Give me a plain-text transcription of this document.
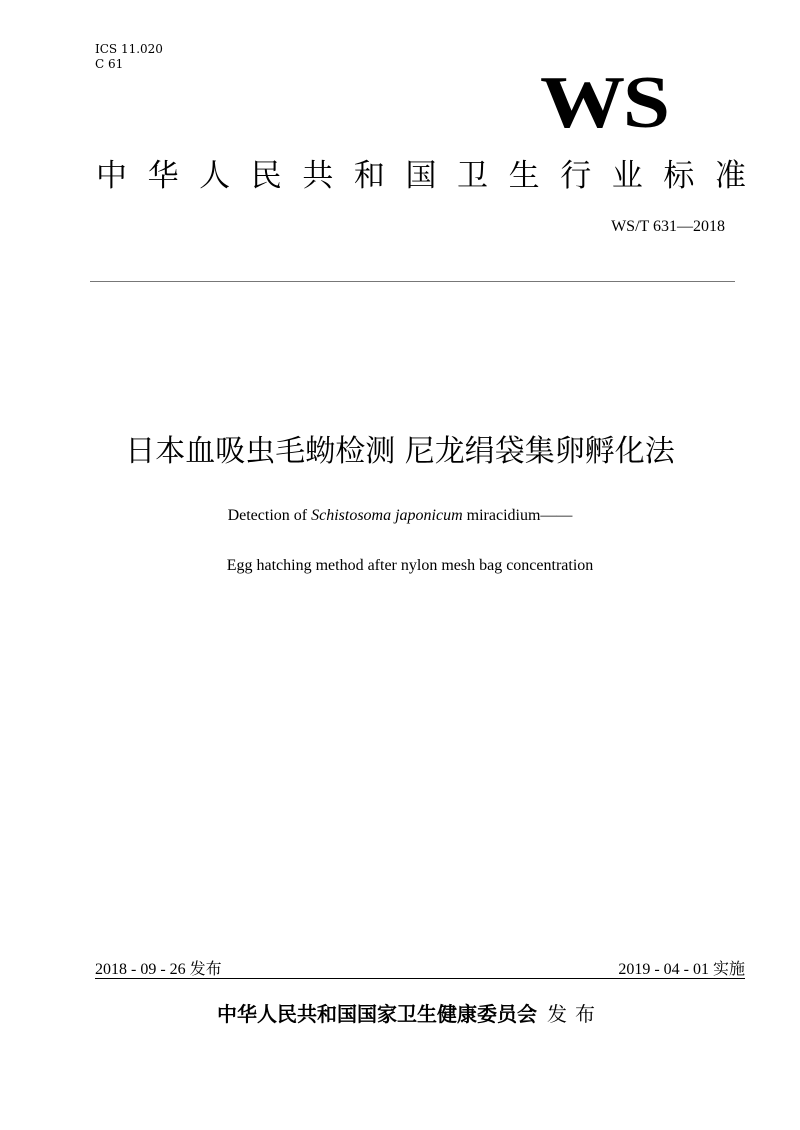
ICS 11.020
C 61	WS
中 华 人 民 共 和 国 卫 生 行 业 标 准
WS/T 631—2018
日本血吸虫毛蚴检测 尼龙绢袋集卵孵化法
Detection of Schistosoma japonicum miracidium——
Egg hatching method after nylon mesh bag concentration
2018 - 09 - 26 发布	2019 - 04 - 01 实施
中华人民共和国国家卫生健康委员会 发布
